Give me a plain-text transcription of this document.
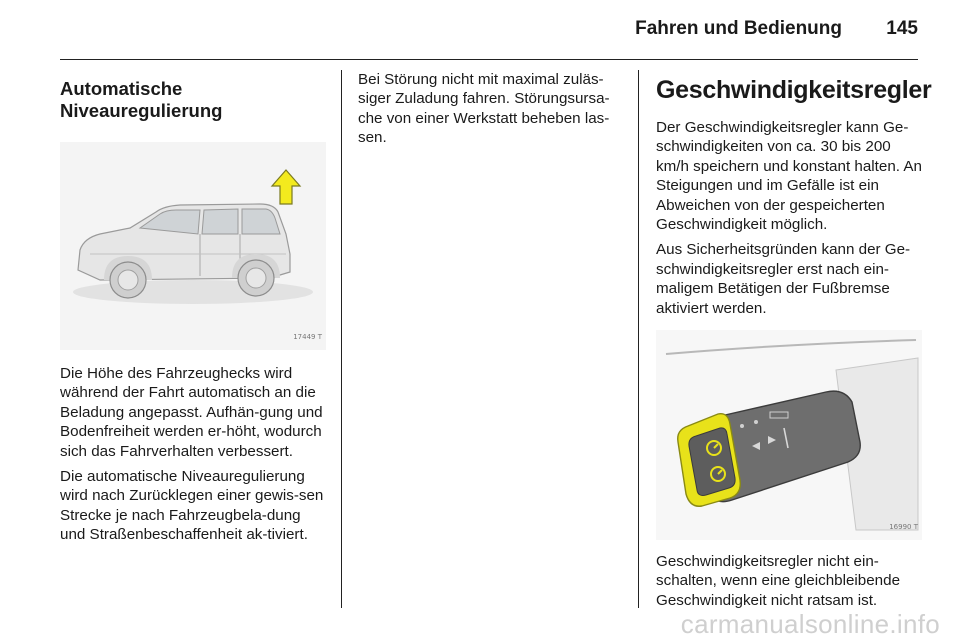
Fahren und Bedienung 145
Automatische
Niveauregulierung
17449 T

Die Höhe des Fahrzeughecks wird während der Fahrt automatisch an die Beladung angepasst. Aufhän-gung und Bodenfreiheit werden er-höht, wodurch sich das Fahrverhalten verbessert.

Die automatische Niveauregulierung wird nach Zurücklegen einer gewis-sen Strecke je nach Fahrzeugbela-dung und Straßenbeschaffenheit ak-tiviert.

Bei Störung nicht mit maximal zuläs-siger Zuladung fahren. Störungsursa-che von einer Werkstatt beheben las-sen.

Geschwindigkeitsregler

Der Geschwindigkeitsregler kann Ge-schwindigkeiten von ca. 30 bis 200 km/h speichern und konstant halten. An Steigungen und im Gefälle ist ein Abweichen von der gespeicherten Geschwindigkeit möglich.

Aus Sicherheitsgründen kann der Ge-schwindigkeitsregler erst nach ein-maligem Betätigen der Fußbremse aktiviert werden.

16990 T

Geschwindigkeitsregler nicht ein-schalten, wenn eine gleichbleibende Geschwindigkeit nicht ratsam ist.

carmanualsonline.info
